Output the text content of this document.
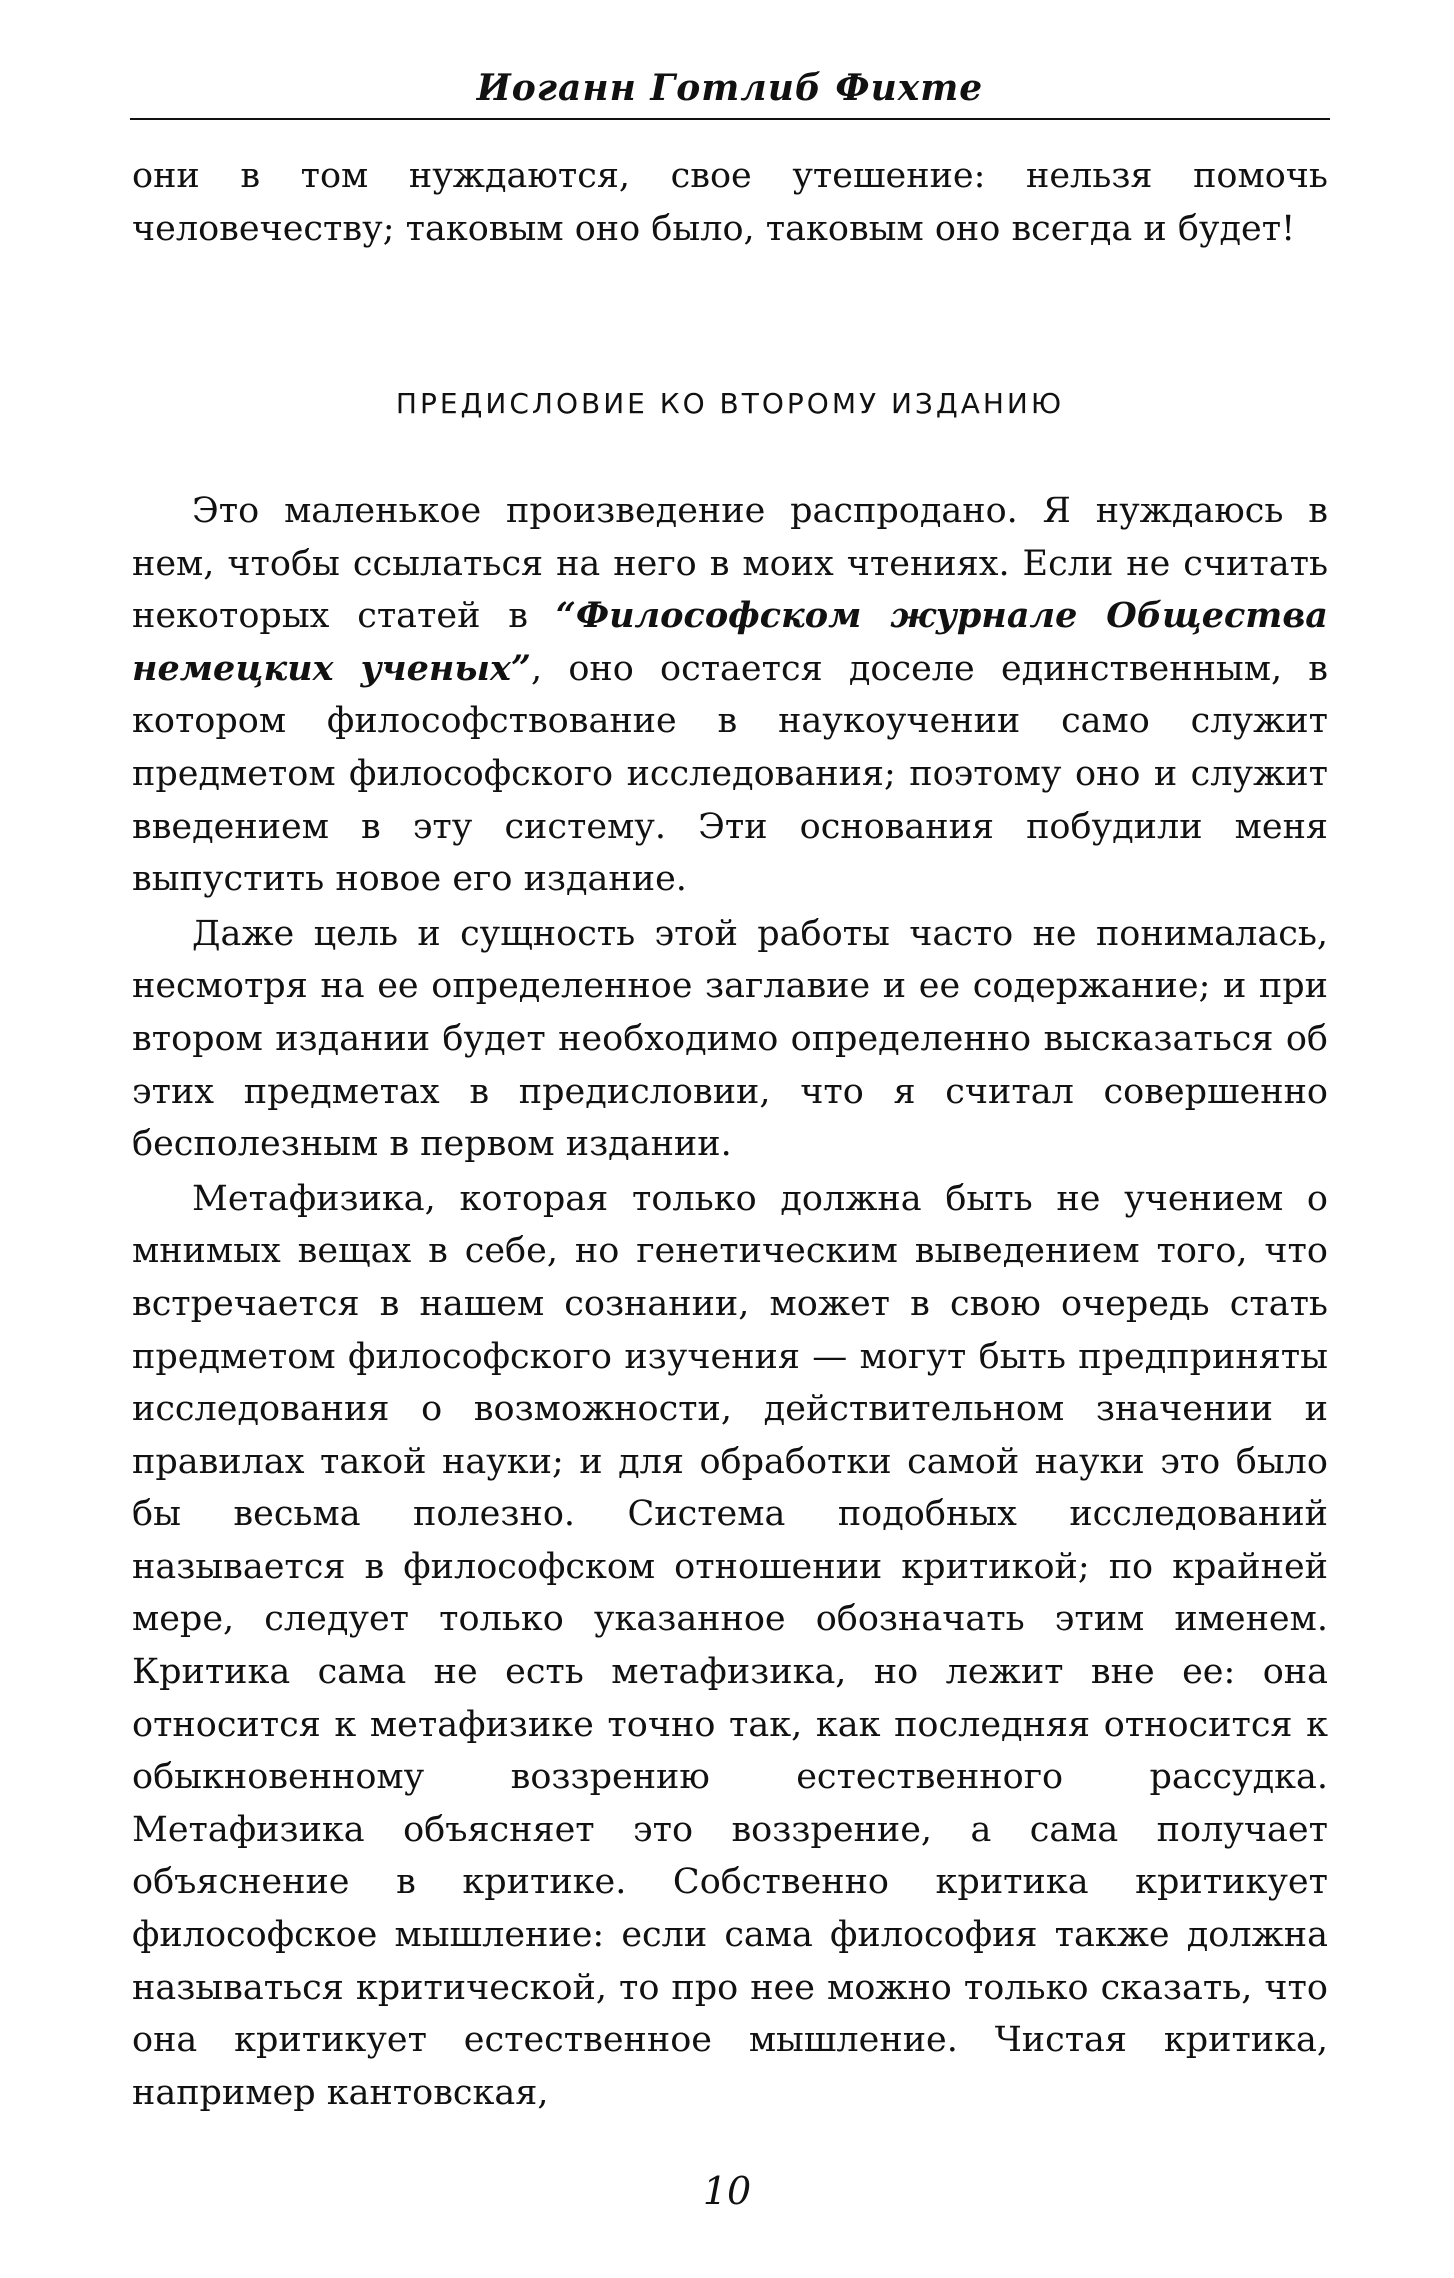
Иоганн Готлиб Фихте

они в том нуждаются, свое утешение: нельзя помочь человечеству; таковым оно было, таковым оно всегда и будет!

ПРЕДИСЛОВИЕ КО ВТОРОМУ ИЗДАНИЮ

Это маленькое произведение распродано. Я нуждаюсь в нем, чтобы ссылаться на него в моих чтениях. Если не считать некоторых статей в “Философском журнале Общества немецких ученых”, оно остается доселе единственным, в котором философствование в наукоучении само служит предметом философского исследования; поэтому оно и служит введением в эту систему. Эти основания побудили меня выпустить новое его издание.

Даже цель и сущность этой работы часто не понималась, несмотря на ее определенное заглавие и ее содержание; и при втором издании будет необходимо определенно высказаться об этих предметах в предисловии, что я считал совершенно бесполезным в первом издании.

Метафизика, которая только должна быть не учением о мнимых вещах в себе, но генетическим выведением того, что встречается в нашем сознании, может в свою очередь стать предметом философского изучения — могут быть предприняты исследования о возможности, действительном значении и правилах такой науки; и для обработки самой науки это было бы весьма полезно. Система подобных исследований называется в философском отношении критикой; по крайней мере, следует только указанное обозначать этим именем. Критика сама не есть метафизика, но лежит вне ее: она относится к метафизике точно так, как последняя относится к обыкновенному воззрению естественного рассудка. Метафизика объясняет это воззрение, а сама получает объяснение в критике. Собственно критика критикует философское мышление: если сама философия также должна называться критической, то про нее можно только сказать, что она критикует естественное мышление. Чистая критика, например кантовская,

10
